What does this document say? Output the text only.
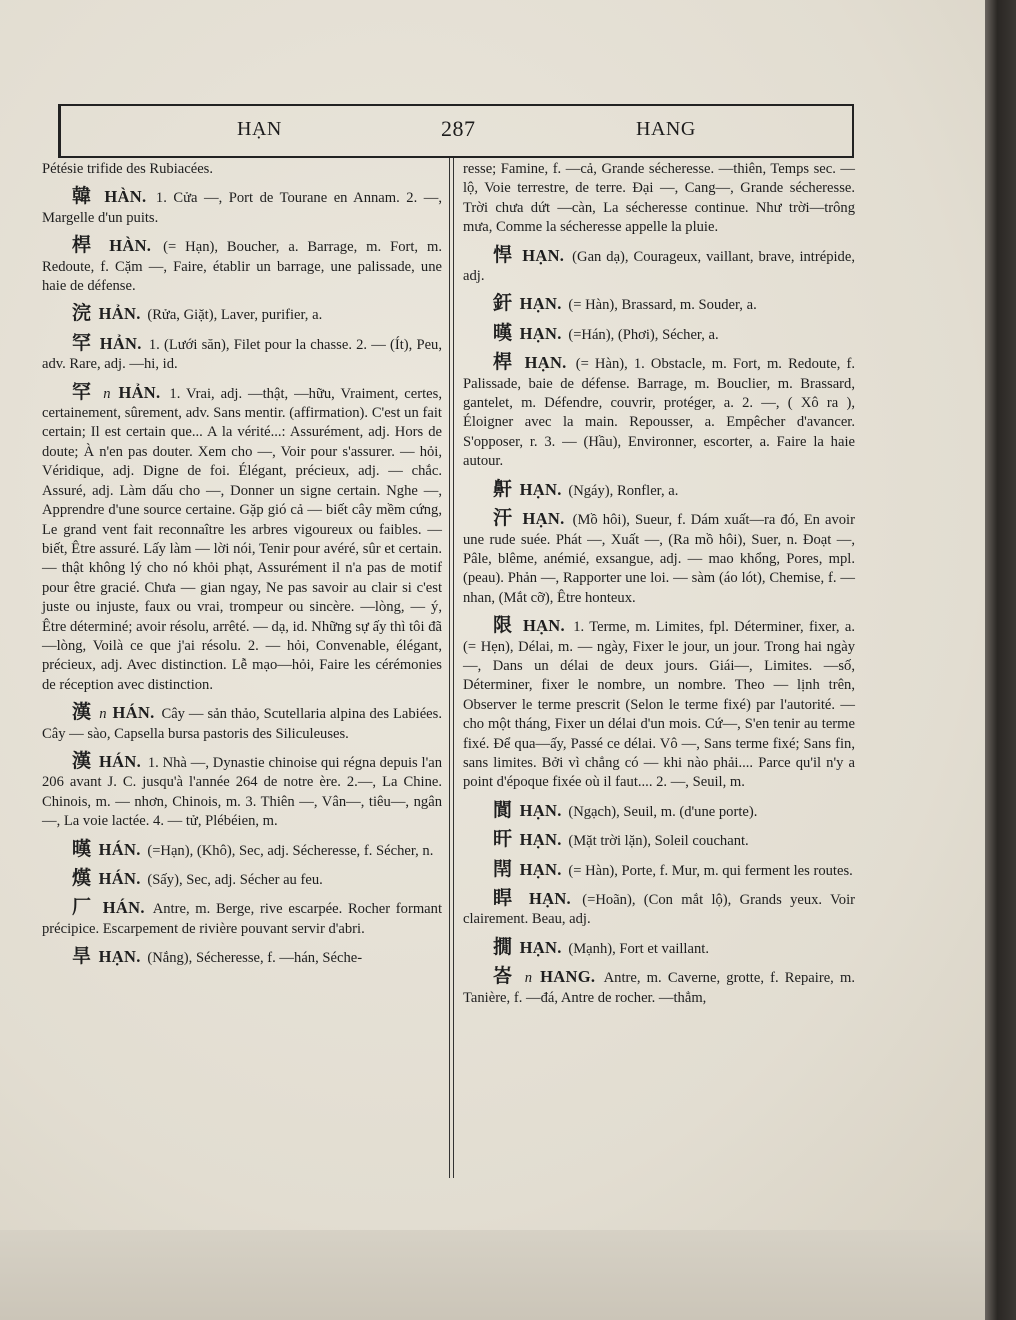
HẠN	287	HANG

Pétésie trifide des Rubiacées.

韓 HÀN. 1. Cửa —, Port de Tourane en Annam. 2. —, Margelle d'un puits.

桿 HÀN. (= Hạn), Boucher, a. Barrage, m. Fort, m. Redoute, f. Cặm —, Faire, établir un barrage, une palissade, une haie de défense.

浣 HẢN. (Rửa, Giặt), Laver, purifier, a.

罕 HẢN. 1. (Lưới săn), Filet pour la chasse. 2. — (Ít), Peu, adv. Rare, adj. —hi, id.

罕 n HẢN. 1. Vrai, adj. —thật, —hữu, Vraiment, certes, certainement, sûrement, adv. Sans mentir. (affirmation). C'est un fait certain; Il est certain que... A la vérité...: Assurément, adj. Hors de doute; À n'en pas douter. Xem cho —, Voir pour s'assurer. — hỏi, Véridique, adj. Digne de foi. Élégant, précieux, adj. — chắc. Assuré, adj. Làm dấu cho —, Donner un signe certain. Nghe —, Apprendre d'une source certaine. Gặp gió cả — biết cây mềm cứng, Le grand vent fait reconnaître les arbres vigoureux ou faibles. — biết, Être assuré. Lấy làm — lời nói, Tenir pour avéré, sûr et certain. — thật không lý cho nó khỏi phạt, Assurément il n'a pas de motif pour être gracié. Chưa — gian ngay, Ne pas savoir au clair si c'est juste ou injuste, faux ou vrai, trompeur ou sincère. —lòng, — ý, Être déterminé; avoir résolu, arrêté. — dạ, id. Những sự ấy thì tôi đã —lòng, Voilà ce que j'ai résolu. 2. — hỏi, Convenable, élégant, précieux, adj. Avec distinction. Lễ mạo—hỏi, Faire les cérémonies de réception avec distinction.

漢 n HÁN. Cây — sản thảo, Scutellaria alpina des Labiées. Cây — sào, Capsella bursa pastoris des Siliculeuses.

漢 HÁN. 1. Nhà —, Dynastie chinoise qui régna depuis l'an 206 avant J. C. jusqu'à l'année 264 de notre ère. 2.—, La Chine. Chinois, m. — nhơn, Chinois, m. 3. Thiên —, Vân—, tiêu—, ngân—, La voie lactée. 4. — tử, Plébéien, m.

暵 HÁN. (=Hạn), (Khô), Sec, adj. Sécheresse, f. Sécher, n.

熯 HÁN. (Sấy), Sec, adj. Sécher au feu.

厂 HÁN. Antre, m. Berge, rive escarpée. Rocher formant précipice. Escarpement de rivière pouvant servir d'abri.

旱 HẠN. (Nắng), Sécheresse, f. —hán, Séche-

resse; Famine, f. —cả, Grande sécheresse. —thiên, Temps sec. — lộ, Voie terrestre, de terre. Đại —, Cang—, Grande sécheresse. Trời chưa dứt —càn, La sécheresse continue. Như trời—trông mưa, Comme la sécheresse appelle la pluie.

悍 HẠN. (Gan dạ), Courageux, vaillant, brave, intrépide, adj.

釬 HẠN. (= Hàn), Brassard, m. Souder, a.

暵 HẠN. (=Hán), (Phơi), Sécher, a.

桿 HẠN. (= Hàn), 1. Obstacle, m. Fort, m. Redoute, f. Palissade, baie de défense. Barrage, m. Bouclier, m. Brassard, gantelet, m. Défendre, couvrir, protéger, a. 2. —, ( Xô ra ), Éloigner avec la main. Repousser, a. Empêcher d'avancer. S'opposer, r. 3. — (Hầu), Environner, escorter, a. Faire la haie autour.

鼾 HẠN. (Ngáy), Ronfler, a.

汗 HẠN. (Mồ hôi), Sueur, f. Dám xuất—ra đó, En avoir une rude suée. Phát —, Xuất —, (Ra mồ hôi), Suer, n. Đoạt —, Pâle, blême, anémié, exsangue, adj. — mao khổng, Pores, mpl. (peau). Phản —, Rapporter une loi. — sàm (áo lót), Chemise, f. —nhan, (Mắt cỡ), Être honteux.

限 HẠN. 1. Terme, m. Limites, fpl. Déterminer, fixer, a. (= Hẹn), Délai, m. — ngày, Fixer le jour, un jour. Trong hai ngày—, Dans un délai de deux jours. Giái—, Limites. —số, Déterminer, fixer le nombre, un nombre. Theo — lịnh trên, Observer le terme prescrit (Selon le terme fixé) par l'autorité. —cho một tháng, Fixer un délai d'un mois. Cứ—, S'en tenir au terme fixé. Để qua—ấy, Passé ce délai. Vô —, Sans terme fixé; Sans fin, sans limites. Bởi vì chẳng có — khi nào phải.... Parce qu'il n'y a point d'époque fixée où il faut.... 2. —, Seuil, m.

閬 HẠN. (Ngạch), Seuil, m. (d'une porte).

旰 HẠN. (Mặt trời lặn), Soleil couchant.

閈 HẠN. (= Hàn), Porte, f. Mur, m. qui ferment les routes.

睅 HẠN. (=Hoãn), (Con mắt lộ), Grands yeux. Voir clairement. Beau, adj.

撊 HẠN. (Mạnh), Fort et vaillant.

峇 n HANG. Antre, m. Caverne, grotte, f. Repaire, m. Tanière, f. —đá, Antre de rocher. —thẳm,
